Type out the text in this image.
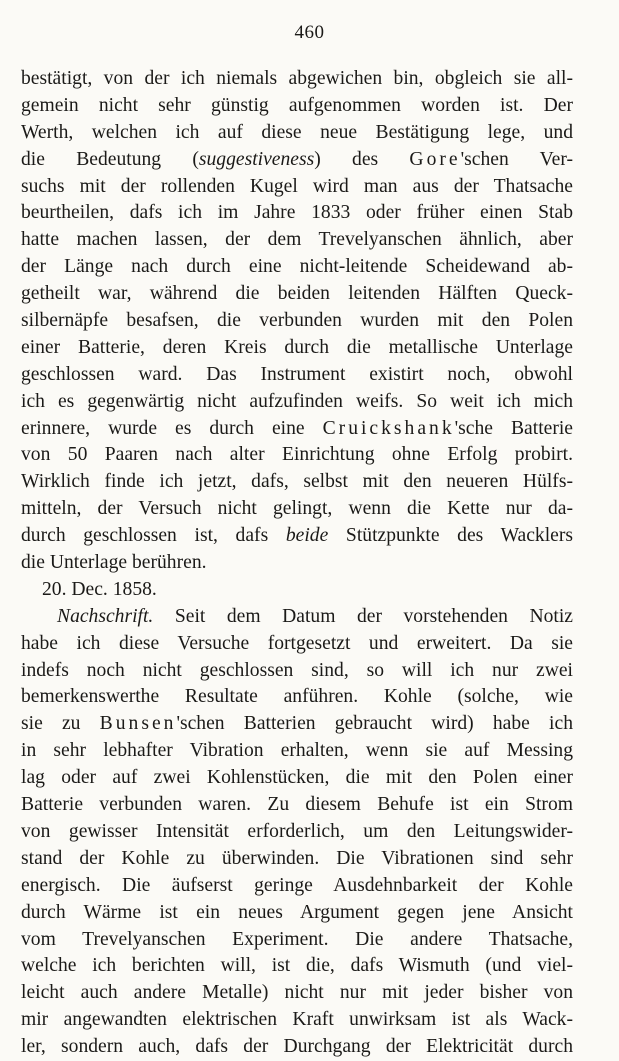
460
bestätigt, von der ich niemals abgewichen bin, obgleich sie all-
gemein nicht sehr günstig aufgenommen worden ist. Der
Werth, welchen ich auf diese neue Bestätigung lege, und
die Bedeutung (suggestiveness) des Gore'schen Ver-
suchs mit der rollenden Kugel wird man aus der Thatsache
beurtheilen, dafs ich im Jahre 1833 oder früher einen Stab
hatte machen lassen, der dem Trevelyanschen ähnlich, aber
der Länge nach durch eine nicht-leitende Scheidewand ab-
getheilt war, während die beiden leitenden Hälften Queck-
silbernäpfe besafsen, die verbunden wurden mit den Polen
einer Batterie, deren Kreis durch die metallische Unterlage
geschlossen ward. Das Instrument existirt noch, obwohl
ich es gegenwärtig nicht aufzufinden weifs. So weit ich mich
erinnere, wurde es durch eine Cruickshank'sche Batterie
von 50 Paaren nach alter Einrichtung ohne Erfolg probirt.
Wirklich finde ich jetzt, dafs, selbst mit den neueren Hülfs-
mitteln, der Versuch nicht gelingt, wenn die Kette nur da-
durch geschlossen ist, dafs beide Stützpunkte des Wacklers
die Unterlage berühren.
20. Dec. 1858.
Nachschrift. Seit dem Datum der vorstehenden Notiz
habe ich diese Versuche fortgesetzt und erweitert. Da sie
indefs noch nicht geschlossen sind, so will ich nur zwei
bemerkenswerthe Resultate anführen. Kohle (solche, wie
sie zu Bunsen'schen Batterien gebraucht wird) habe ich
in sehr lebhafter Vibration erhalten, wenn sie auf Messing
lag oder auf zwei Kohlenstücken, die mit den Polen einer
Batterie verbunden waren. Zu diesem Behufe ist ein Strom
von gewisser Intensität erforderlich, um den Leitungswider-
stand der Kohle zu überwinden. Die Vibrationen sind sehr
energisch. Die äufserst geringe Ausdehnbarkeit der Kohle
durch Wärme ist ein neues Argument gegen jene Ansicht
vom Trevelyanschen Experiment. Die andere Thatsache,
welche ich berichten will, ist die, dafs Wismuth (und viel-
leicht auch andere Metalle) nicht nur mit jeder bisher von
mir angewandten elektrischen Kraft unwirksam ist als Wack-
ler, sondern auch, dafs der Durchgang der Elektricität durch
